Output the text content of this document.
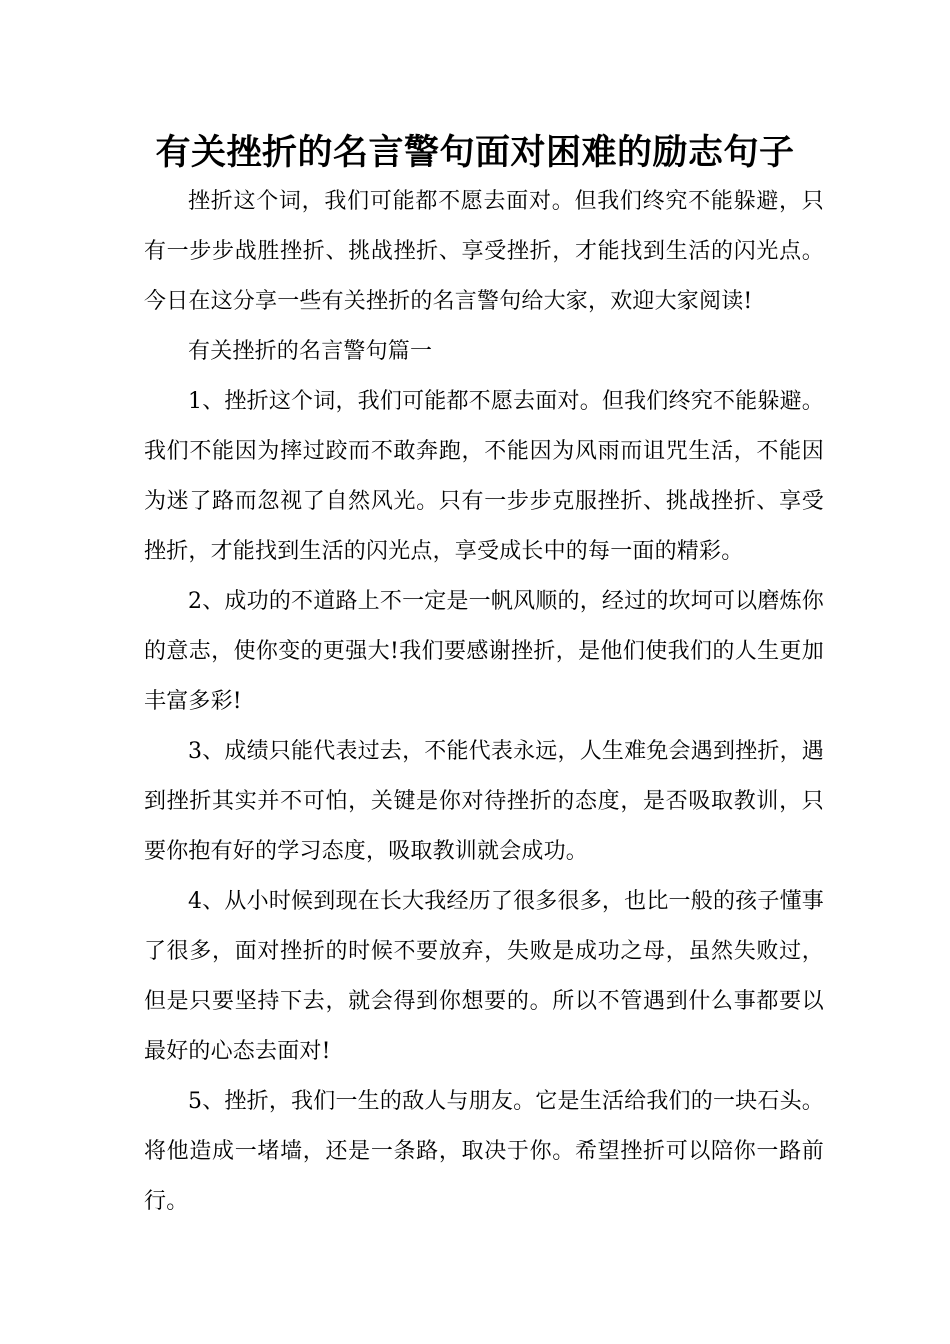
有关挫折的名言警句面对困难的励志句子

挫折这个词，我们可能都不愿去面对。但我们终究不能躲避，只有一步步战胜挫折、挑战挫折、享受挫折，才能找到生活的闪光点。今日在这分享一些有关挫折的名言警句给大家，欢迎大家阅读!

有关挫折的名言警句篇一

1、挫折这个词，我们可能都不愿去面对。但我们终究不能躲避。我们不能因为摔过跤而不敢奔跑，不能因为风雨而诅咒生活，不能因为迷了路而忽视了自然风光。只有一步步克服挫折、挑战挫折、享受挫折，才能找到生活的闪光点，享受成长中的每一面的精彩。

2、成功的不道路上不一定是一帆风顺的，经过的坎坷可以磨炼你的意志，使你变的更强大!我们要感谢挫折，是他们使我们的人生更加丰富多彩!

3、成绩只能代表过去，不能代表永远，人生难免会遇到挫折，遇到挫折其实并不可怕，关键是你对待挫折的态度，是否吸取教训，只要你抱有好的学习态度，吸取教训就会成功。

4、从小时候到现在长大我经历了很多很多，也比一般的孩子懂事了很多，面对挫折的时候不要放弃，失败是成功之母，虽然失败过，但是只要坚持下去，就会得到你想要的。所以不管遇到什么事都要以最好的心态去面对!

5、挫折，我们一生的敌人与朋友。它是生活给我们的一块石头。将他造成一堵墙，还是一条路，取决于你。希望挫折可以陪你一路前行。
